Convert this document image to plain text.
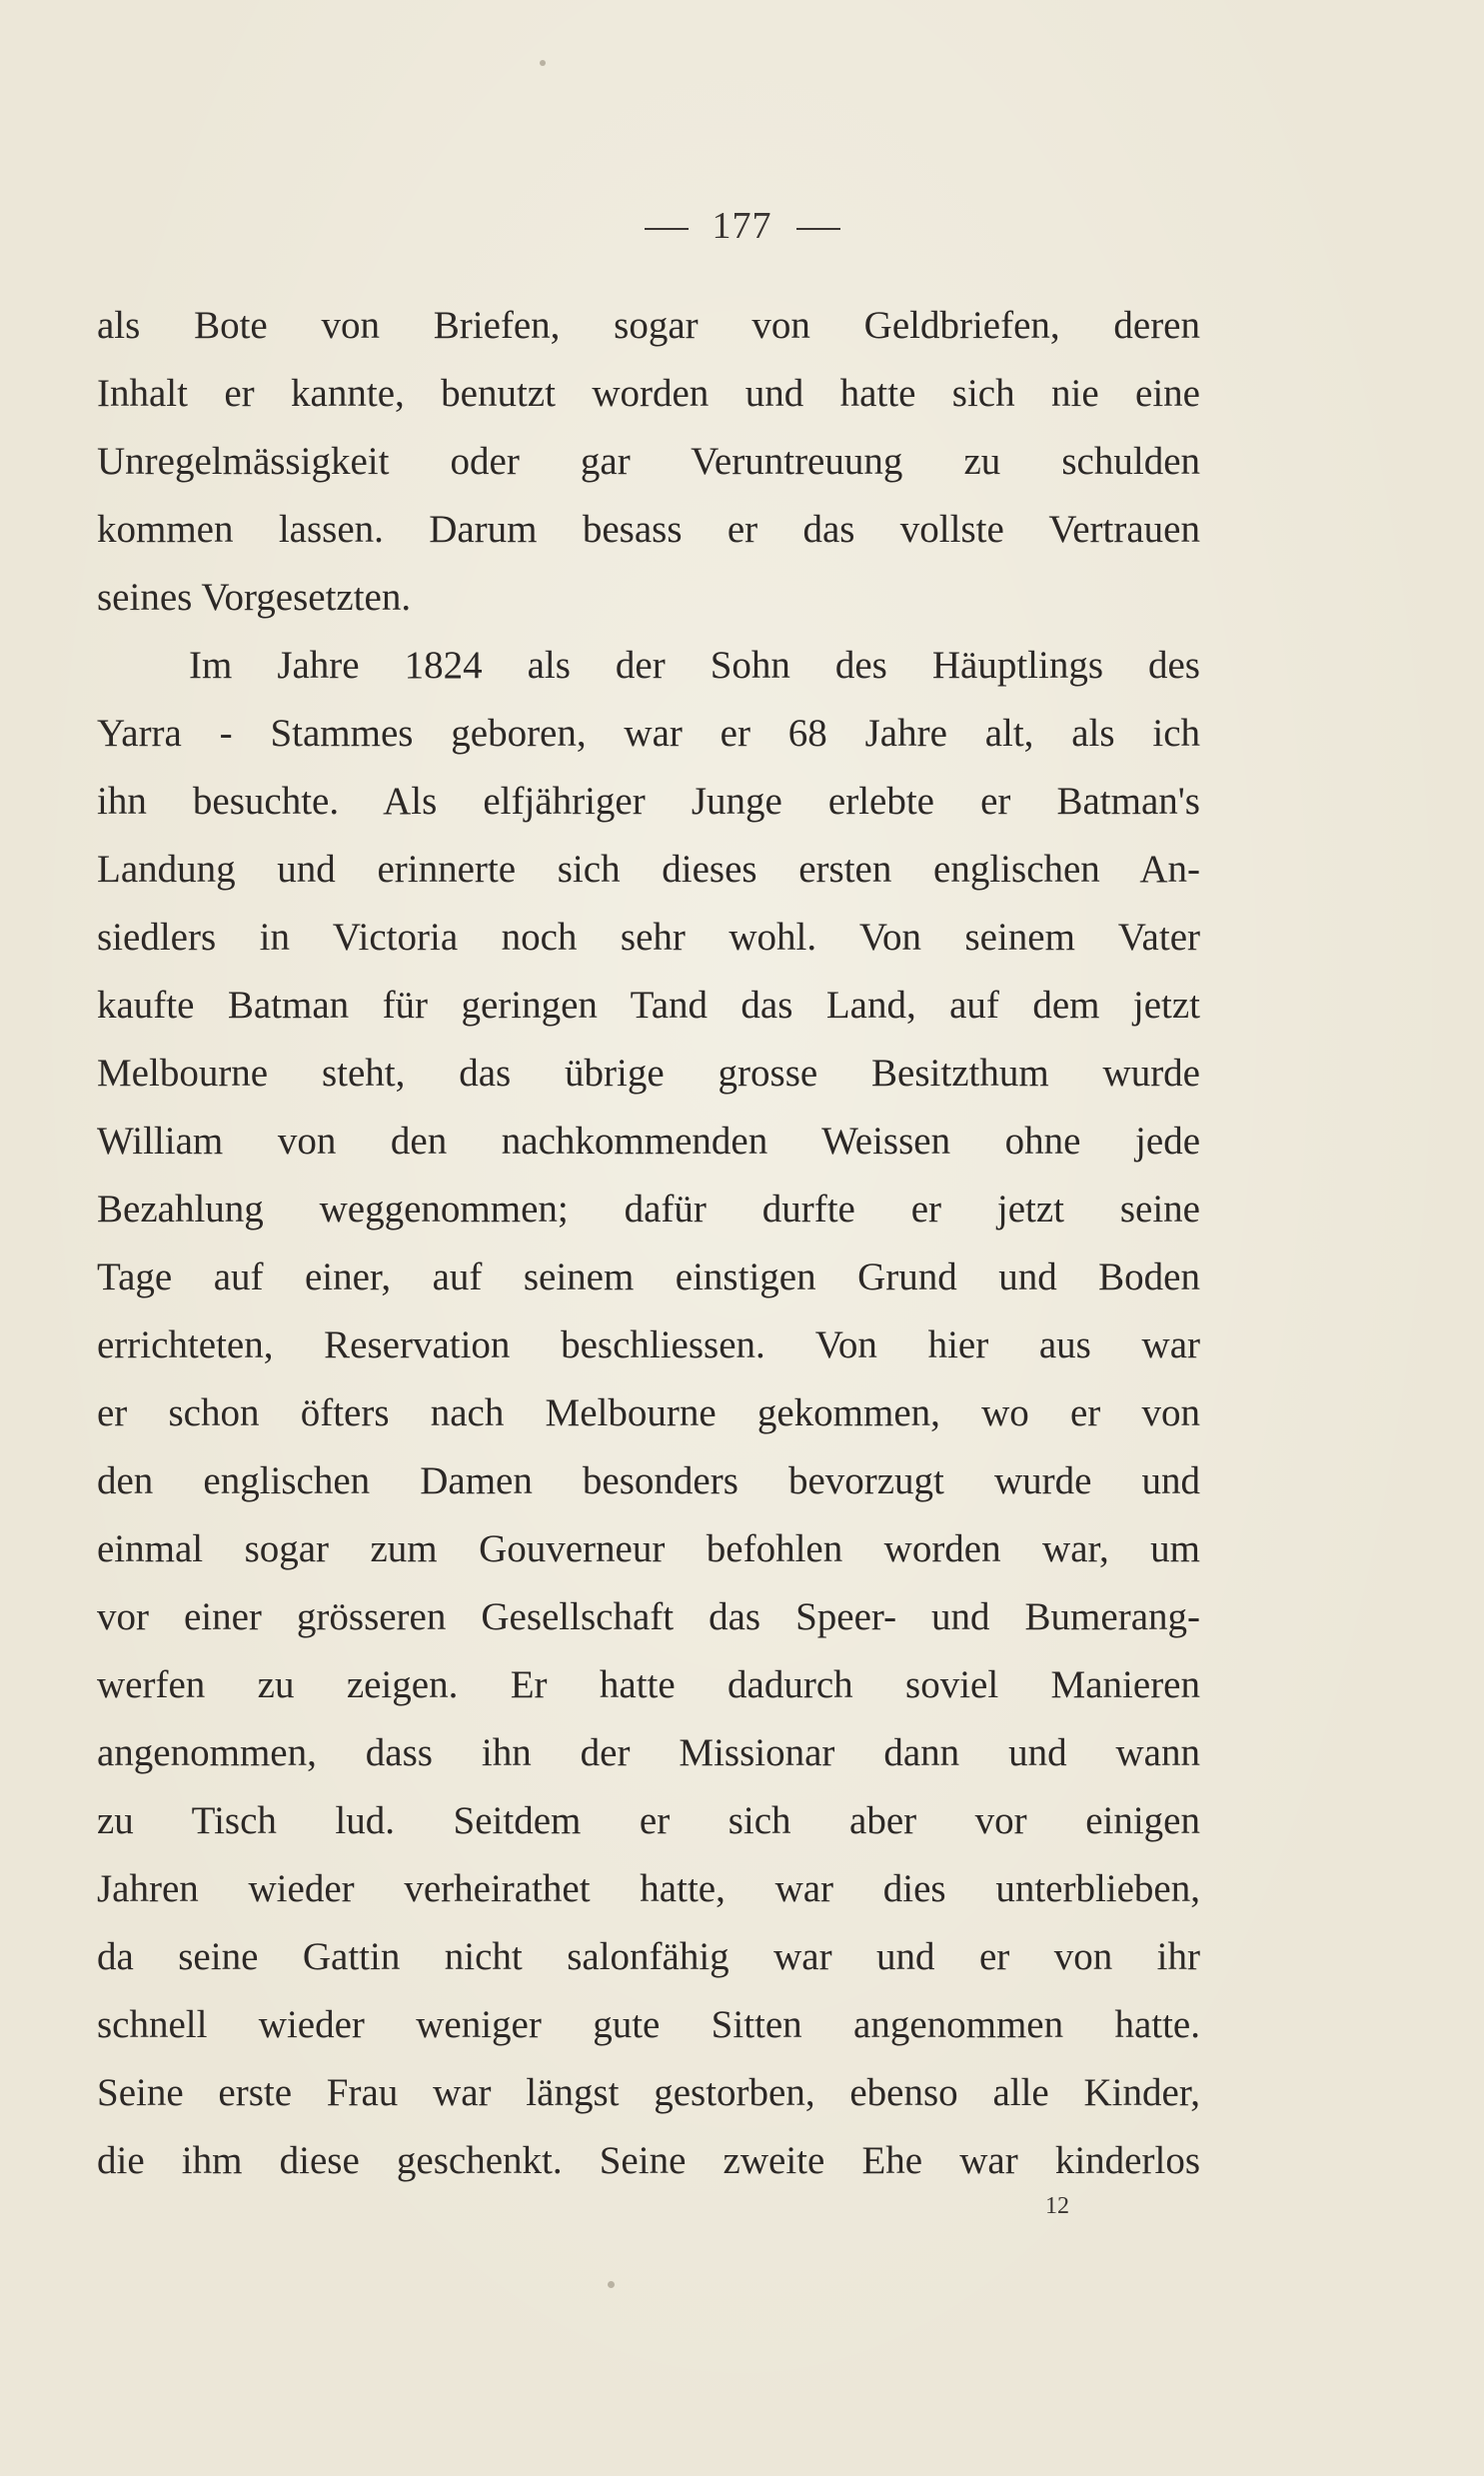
177
als Bote von Briefen, sogar von Geldbriefen, deren
Inhalt er kannte, benutzt worden und hatte sich nie eine
Unregelmässigkeit oder gar Veruntreuung zu schulden
kommen lassen. Darum besass er das vollste Vertrauen
seines Vorgesetzten.
Im Jahre 1824 als der Sohn des Häuptlings des
Yarra - Stammes geboren, war er 68 Jahre alt, als ich
ihn besuchte. Als elfjähriger Junge erlebte er Batman's
Landung und erinnerte sich dieses ersten englischen An-
siedlers in Victoria noch sehr wohl. Von seinem Vater
kaufte Batman für geringen Tand das Land, auf dem jetzt
Melbourne steht, das übrige grosse Besitzthum wurde
William von den nachkommenden Weissen ohne jede
Bezahlung weggenommen; dafür durfte er jetzt seine
Tage auf einer, auf seinem einstigen Grund und Boden
errichteten, Reservation beschliessen. Von hier aus war
er schon öfters nach Melbourne gekommen, wo er von
den englischen Damen besonders bevorzugt wurde und
einmal sogar zum Gouverneur befohlen worden war, um
vor einer grösseren Gesellschaft das Speer- und Bumerang-
werfen zu zeigen. Er hatte dadurch soviel Manieren
angenommen, dass ihn der Missionar dann und wann
zu Tisch lud. Seitdem er sich aber vor einigen
Jahren wieder verheirathet hatte, war dies unterblieben,
da seine Gattin nicht salonfähig war und er von ihr
schnell wieder weniger gute Sitten angenommen hatte.
Seine erste Frau war längst gestorben, ebenso alle Kinder,
die ihm diese geschenkt. Seine zweite Ehe war kinderlos
12
